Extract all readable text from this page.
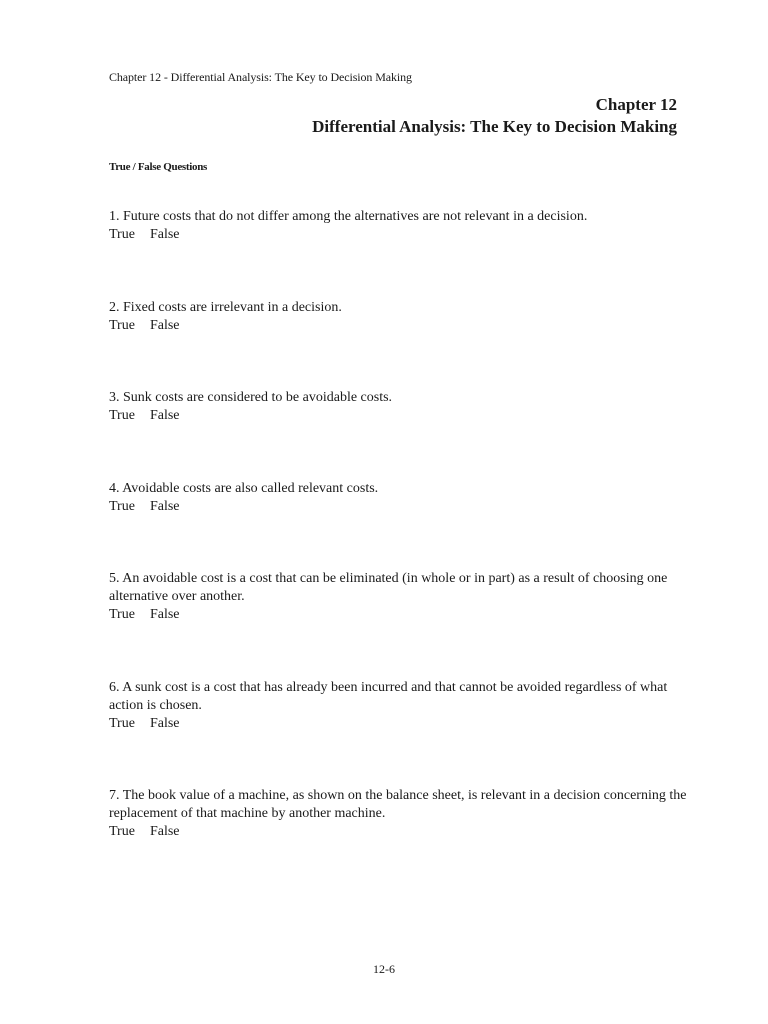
Chapter 12 - Differential Analysis: The Key to Decision Making
Chapter 12
Differential Analysis: The Key to Decision Making
True / False Questions
1. Future costs that do not differ among the alternatives are not relevant in a decision.
True False
2. Fixed costs are irrelevant in a decision.
True False
3. Sunk costs are considered to be avoidable costs.
True False
4. Avoidable costs are also called relevant costs.
True False
5. An avoidable cost is a cost that can be eliminated (in whole or in part) as a result of choosing one alternative over another.
True False
6. A sunk cost is a cost that has already been incurred and that cannot be avoided regardless of what action is chosen.
True False
7. The book value of a machine, as shown on the balance sheet, is relevant in a decision concerning the replacement of that machine by another machine.
True False
12-6
